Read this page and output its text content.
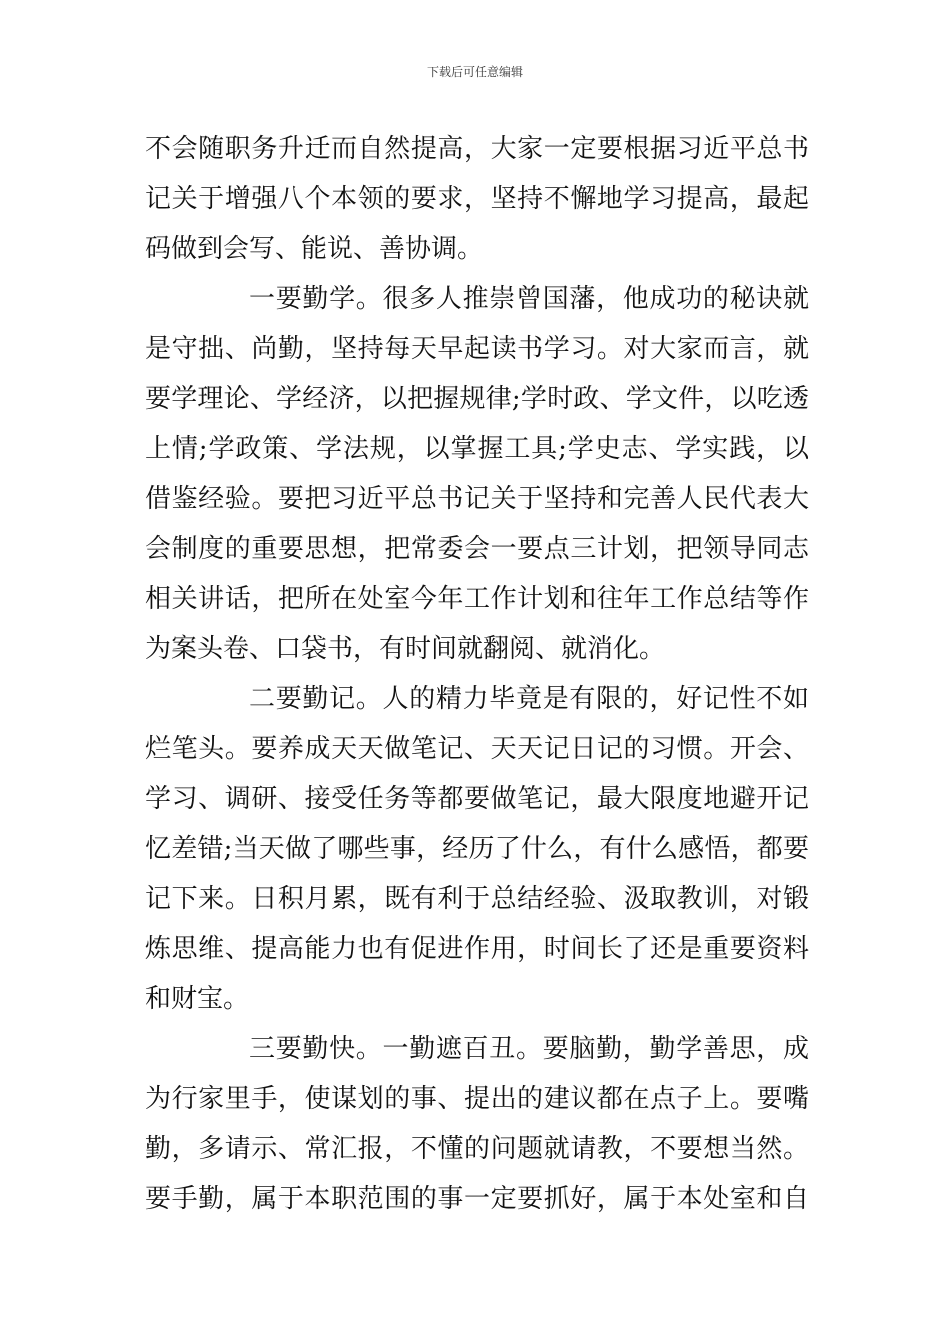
下载后可任意编辑
不会随职务升迁而自然提高，大家一定要根据习近平总书
记关于增强八个本领的要求，坚持不懈地学习提高，最起
码做到会写、能说、善协调。
一要勤学。很多人推崇曾国藩，他成功的秘诀就
是守拙、尚勤，坚持每天早起读书学习。对大家而言，就
要学理论、学经济，以把握规律;学时政、学文件，以吃透
上情;学政策、学法规，以掌握工具;学史志、学实践，以
借鉴经验。要把习近平总书记关于坚持和完善人民代表大
会制度的重要思想，把常委会一要点三计划，把领导同志
相关讲话，把所在处室今年工作计划和往年工作总结等作
为案头卷、口袋书，有时间就翻阅、就消化。
二要勤记。人的精力毕竟是有限的，好记性不如
烂笔头。要养成天天做笔记、天天记日记的习惯。开会、
学习、调研、接受任务等都要做笔记，最大限度地避开记
忆差错;当天做了哪些事，经历了什么，有什么感悟，都要
记下来。日积月累，既有利于总结经验、汲取教训，对锻
炼思维、提高能力也有促进作用，时间长了还是重要资料
和财宝。
三要勤快。一勤遮百丑。要脑勤，勤学善思，成
为行家里手，使谋划的事、提出的建议都在点子上。要嘴
勤，多请示、常汇报，不懂的问题就请教，不要想当然。
要手勤，属于本职范围的事一定要抓好，属于本处室和自
